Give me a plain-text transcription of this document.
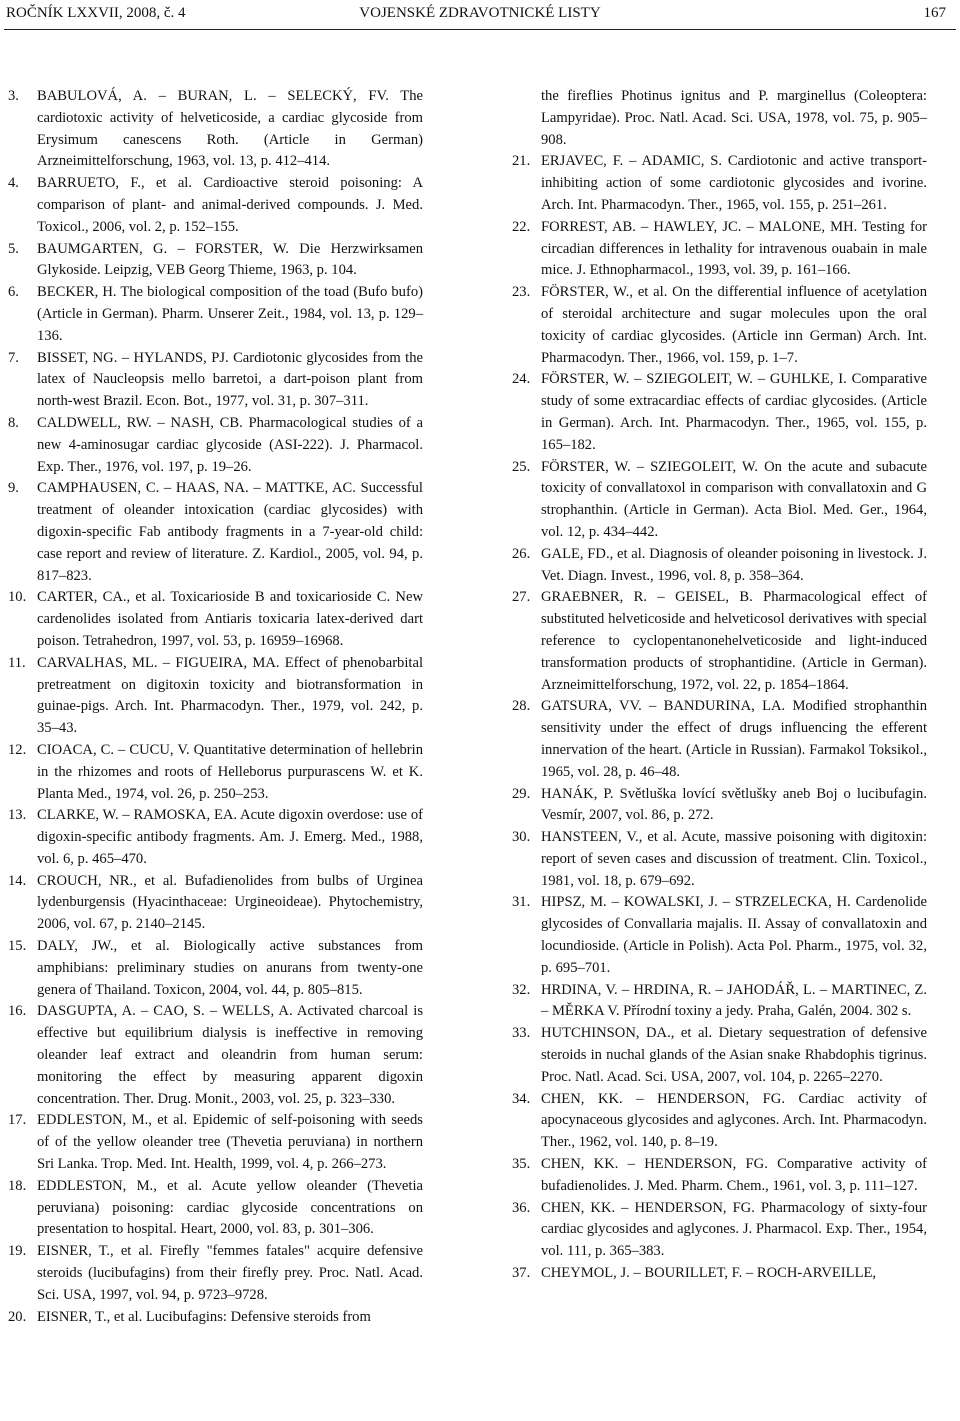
ROČNÍK LXXVII, 2008, č. 4	VOJENSKÉ ZDRAVOTNICKÉ LISTY	167
3. BABULOVÁ, A. – BURAN, L. – SELECKÝ, FV. The cardiotoxic activity of helveticoside, a cardiac glycoside from Erysimum canescens Roth. (Article in German) Arzneimittelforschung, 1963, vol. 13, p. 412–414.
4. BARRUETO, F., et al. Cardioactive steroid poisoning: A comparison of plant- and animal-derived compounds. J. Med. Toxicol., 2006, vol. 2, p. 152–155.
5. BAUMGARTEN, G. – FORSTER, W. Die Herzwirksamen Glykoside. Leipzig, VEB Georg Thieme, 1963, p. 104.
6. BECKER, H. The biological composition of the toad (Bufo bufo) (Article in German). Pharm. Unserer Zeit., 1984, vol. 13, p. 129–136.
7. BISSET, NG. – HYLANDS, PJ. Cardiotonic glycosides from the latex of Naucleopsis mello barretoi, a dart-poison plant from north-west Brazil. Econ. Bot., 1977, vol. 31, p. 307–311.
8. CALDWELL, RW. – NASH, CB. Pharmacological studies of a new 4-aminosugar cardiac glycoside (ASI-222). J. Pharmacol. Exp. Ther., 1976, vol. 197, p. 19–26.
9. CAMPHAUSEN, C. – HAAS, NA. – MATTKE, AC. Successful treatment of oleander intoxication (cardiac glycosides) with digoxin-specific Fab antibody fragments in a 7-year-old child: case report and review of literature. Z. Kardiol., 2005, vol. 94, p. 817–823.
10. CARTER, CA., et al. Toxicarioside B and toxicarioside C. New cardenolides isolated from Antiaris toxicaria latex-derived dart poison. Tetrahedron, 1997, vol. 53, p. 16959–16968.
11. CARVALHAS, ML. – FIGUEIRA, MA. Effect of phenobarbital pretreatment on digitoxin toxicity and biotransformation in guinae-pigs. Arch. Int. Pharmacodyn. Ther., 1979, vol. 242, p. 35–43.
12. CIOACA, C. – CUCU, V. Quantitative determination of hellebrin in the rhizomes and roots of Helleborus purpurascens W. et K. Planta Med., 1974, vol. 26, p. 250–253.
13. CLARKE, W. – RAMOSKA, EA. Acute digoxin overdose: use of digoxin-specific antibody fragments. Am. J. Emerg. Med., 1988, vol. 6, p. 465–470.
14. CROUCH, NR., et al. Bufadienolides from bulbs of Urginea lydenburgensis (Hyacinthaceae: Urgineoideae). Phytochemistry, 2006, vol. 67, p. 2140–2145.
15. DALY, JW., et al. Biologically active substances from amphibians: preliminary studies on anurans from twenty-one genera of Thailand. Toxicon, 2004, vol. 44, p. 805–815.
16. DASGUPTA, A. – CAO, S. – WELLS, A. Activated charcoal is effective but equilibrium dialysis is ineffective in removing oleander leaf extract and oleandrin from human serum: monitoring the effect by measuring apparent digoxin concentration. Ther. Drug. Monit., 2003, vol. 25, p. 323–330.
17. EDDLESTON, M., et al. Epidemic of self-poisoning with seeds of of the yellow oleander tree (Thevetia peruviana) in northern Sri Lanka. Trop. Med. Int. Health, 1999, vol. 4, p. 266–273.
18. EDDLESTON, M., et al. Acute yellow oleander (Thevetia peruviana) poisoning: cardiac glycoside concentrations on presentation to hospital. Heart, 2000, vol. 83, p. 301–306.
19. EISNER, T., et al. Firefly "femmes fatales" acquire defensive steroids (lucibufagins) from their firefly prey. Proc. Natl. Acad. Sci. USA, 1997, vol. 94, p. 9723–9728.
20. EISNER, T., et al. Lucibufagins: Defensive steroids from
the fireflies Photinus ignitus and P. marginellus (Coleoptera: Lampyridae). Proc. Natl. Acad. Sci. USA, 1978, vol. 75, p. 905–908.
21. ERJAVEC, F. – ADAMIC, S. Cardiotonic and active transport-inhibiting action of some cardiotonic glycosides and ivorine. Arch. Int. Pharmacodyn. Ther., 1965, vol. 155, p. 251–261.
22. FORREST, AB. – HAWLEY, JC. – MALONE, MH. Testing for circadian differences in lethality for intravenous ouabain in male mice. J. Ethnopharmacol., 1993, vol. 39, p. 161–166.
23. FÖRSTER, W., et al. On the differential influence of acetylation of steroidal architecture and sugar molecules upon the oral toxicity of cardiac glycosides. (Article inn German) Arch. Int. Pharmacodyn. Ther., 1966, vol. 159, p. 1–7.
24. FÖRSTER, W. – SZIEGOLEIT, W. – GUHLKE, I. Comparative study of some extracardiac effects of cardiac glycosides. (Article in German). Arch. Int. Pharmacodyn. Ther., 1965, vol. 155, p. 165–182.
25. FÖRSTER, W. – SZIEGOLEIT, W. On the acute and subacute toxicity of convallatoxol in comparison with convallatoxin and G strophanthin. (Article in German). Acta Biol. Med. Ger., 1964, vol. 12, p. 434–442.
26. GALE, FD., et al. Diagnosis of oleander poisoning in livestock. J. Vet. Diagn. Invest., 1996, vol. 8, p. 358–364.
27. GRAEBNER, R. – GEISEL, B. Pharmacological effect of substituted helveticoside and helveticosol derivatives with special reference to cyclopentanonehelveticoside and light-induced transformation products of strophantidine. (Article in German). Arzneimittelforschung, 1972, vol. 22, p. 1854–1864.
28. GATSURA, VV. – BANDURINA, LA. Modified strophanthin sensitivity under the effect of drugs influencing the efferent innervation of the heart. (Article in Russian). Farmakol Toksikol., 1965, vol. 28, p. 46–48.
29. HANÁK, P. Světluška lovící světlušky aneb Boj o lucibufagin. Vesmír, 2007, vol. 86, p. 272.
30. HANSTEEN, V., et al. Acute, massive poisoning with digitoxin: report of seven cases and discussion of treatment. Clin. Toxicol., 1981, vol. 18, p. 679–692.
31. HIPSZ, M. – KOWALSKI, J. – STRZELECKA, H. Cardenolide glycosides of Convallaria majalis. II. Assay of convallatoxin and locundioside. (Article in Polish). Acta Pol. Pharm., 1975, vol. 32, p. 695–701.
32. HRDINA, V. – HRDINA, R. – JAHODÁŘ, L. – MARTINEC, Z. – MĚRKA V. Přírodní toxiny a jedy. Praha, Galén, 2004. 302 s.
33. HUTCHINSON, DA., et al. Dietary sequestration of defensive steroids in nuchal glands of the Asian snake Rhabdophis tigrinus. Proc. Natl. Acad. Sci. USA, 2007, vol. 104, p. 2265–2270.
34. CHEN, KK. – HENDERSON, FG. Cardiac activity of apocynaceous glycosides and aglycones. Arch. Int. Pharmacodyn. Ther., 1962, vol. 140, p. 8–19.
35. CHEN, KK. – HENDERSON, FG. Comparative activity of bufadienolides. J. Med. Pharm. Chem., 1961, vol. 3, p. 111–127.
36. CHEN, KK. – HENDERSON, FG. Pharmacology of sixty-four cardiac glycosides and aglycones. J. Pharmacol. Exp. Ther., 1954, vol. 111, p. 365–383.
37. CHEYMOL, J. – BOURILLET, F. – ROCH-ARVEILLE,
